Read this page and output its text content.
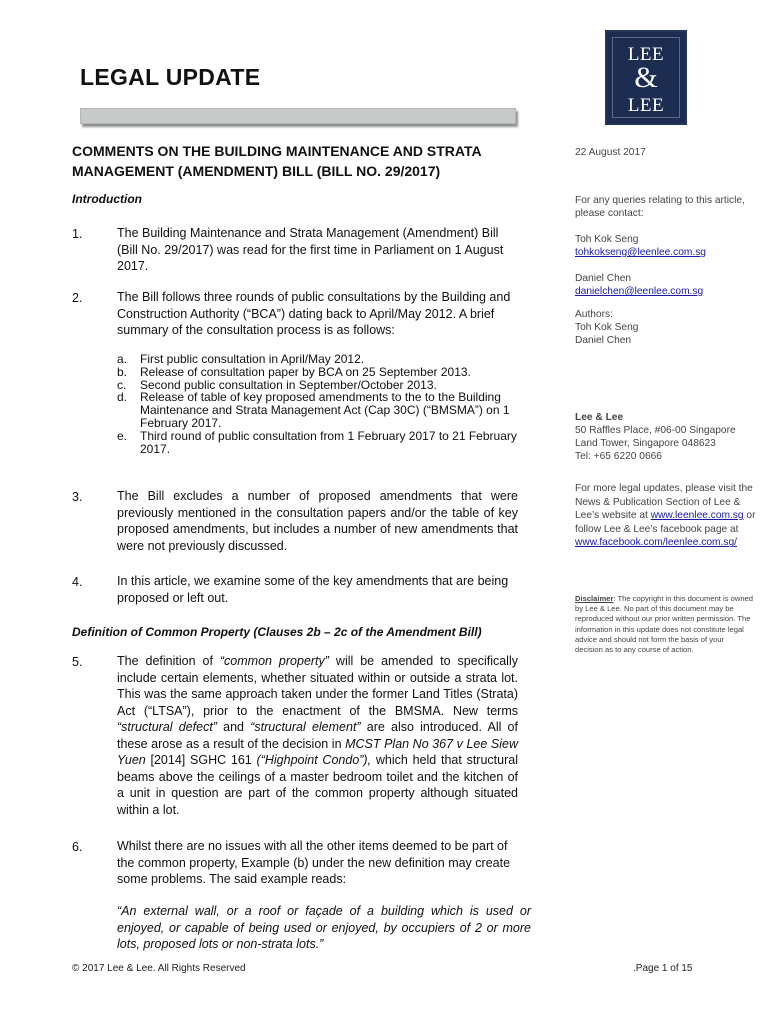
LEE
&
LEE
LEGAL UPDATE
COMMENTS ON THE BUILDING MAINTENANCE AND STRATA MANAGEMENT (AMENDMENT) BILL (BILL NO. 29/2017)
Introduction
1.	The Building Maintenance and Strata Management (Amendment) Bill (Bill No. 29/2017) was read for the first time in Parliament on 1 August 2017.
2.	The Bill follows three rounds of public consultations by the Building and Construction Authority (“BCA”) dating back to April/May 2012. A brief summary of the consultation process is as follows:
a.	First public consultation in April/May 2012.
b.	Release of consultation paper by BCA on 25 September 2013.
c.	Second public consultation in September/October 2013.
d.	Release of table of key proposed amendments to the to the Building Maintenance and Strata Management Act (Cap 30C) (“BMSMA”) on 1 February 2017.
e.	Third round of public consultation from 1 February 2017 to 21 February 2017.
3.	The Bill excludes a number of proposed amendments that were previously mentioned in the consultation papers and/or the table of key proposed amendments, but includes a number of new amendments that were not previously discussed.
4.	In this article, we examine some of the key amendments that are being proposed or left out.
Definition of Common Property (Clauses 2b – 2c of the Amendment Bill)
5.	The definition of “common property” will be amended to specifically include certain elements, whether situated within or outside a strata lot. This was the same approach taken under the former Land Titles (Strata) Act (“LTSA”), prior to the enactment of the BMSMA. New terms “structural defect” and “structural element” are also introduced. All of these arose as a result of the decision in MCST Plan No 367 v Lee Siew Yuen [2014] SGHC 161 (“Highpoint Condo”), which held that structural beams above the ceilings of a master bedroom toilet and the kitchen of a unit in question are part of the common property although situated within a lot.
6.	Whilst there are no issues with all the other items deemed to be part of the common property, Example (b) under the new definition may create some problems. The said example reads:
“An external wall, or a roof or façade of a building which is used or enjoyed, or capable of being used or enjoyed, by occupiers of 2 or more lots, proposed lots or non-strata lots.”
22 August 2017
For any queries relating to this article, please contact:
Toh Kok Seng
tohkokseng@leenlee.com.sg
Daniel Chen
danielchen@leenlee.com.sg
Authors:
Toh Kok Seng
Daniel Chen
Lee & Lee
50 Raffles Place, #06-00 Singapore
Land Tower, Singapore 048623
Tel: +65 6220 0666
For more legal updates, please visit the News & Publication Section of Lee & Lee’s website at www.leenlee.com.sg or follow Lee & Lee’s facebook page at www.facebook.com/leenlee.com.sg/
Disclaimer: The copyright in this document is owned by Lee & Lee. No part of this document may be reproduced without our prior written permission. The information in this update does not constitute legal advice and should not form the basis of your decision as to any course of action.
© 2017 Lee & Lee. All Rights Reserved	.Page 1 of 15
